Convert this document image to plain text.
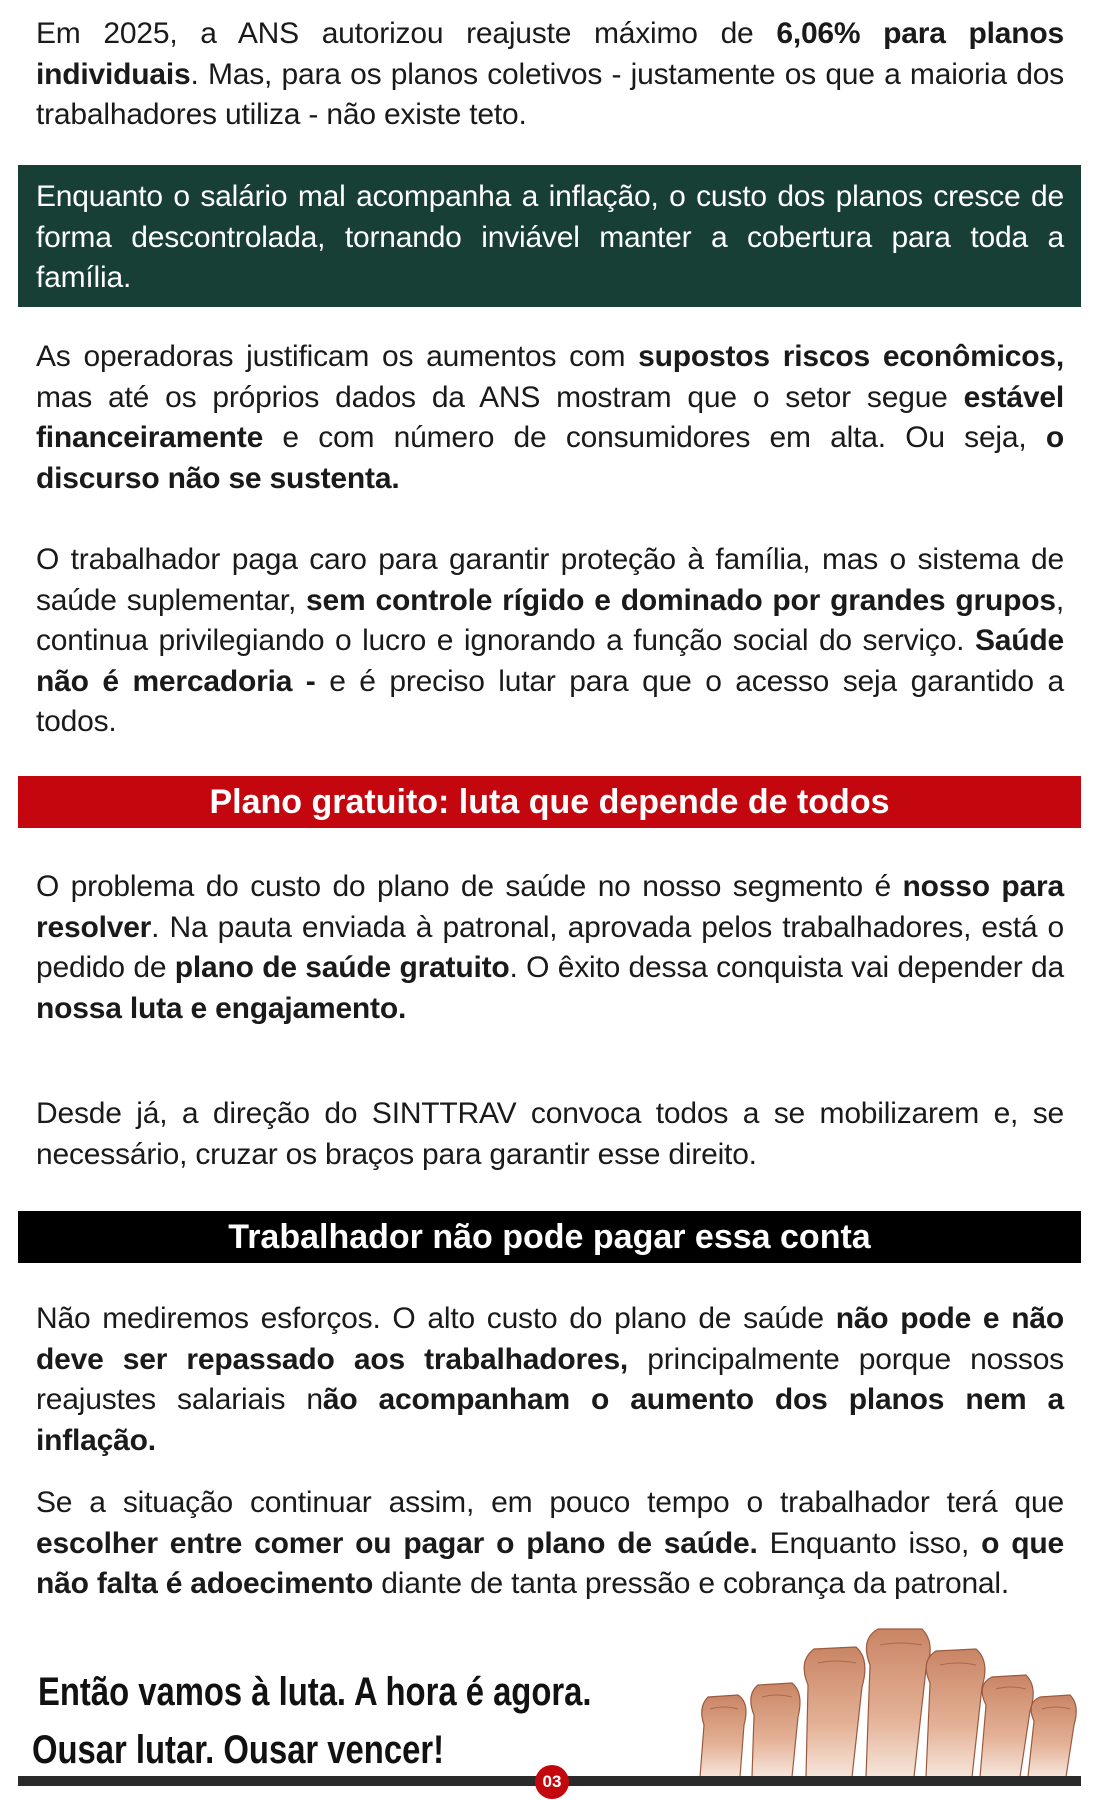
Em 2025, a ANS autorizou reajuste máximo de 6,06% para planos individuais. Mas, para os planos coletivos - justamente os que a maioria dos trabalhadores utiliza - não existe teto.

Enquanto o salário mal acompanha a inflação, o custo dos planos cresce de forma descontrolada, tornando inviável manter a cobertura para toda a família.

As operadoras justificam os aumentos com supostos riscos econômicos, mas até os próprios dados da ANS mostram que o setor segue estável financeiramente e com número de consumidores em alta. Ou seja, o discurso não se sustenta.

O trabalhador paga caro para garantir proteção à família, mas o sistema de saúde suplementar, sem controle rígido e dominado por grandes grupos, continua privilegiando o lucro e ignorando a função social do serviço. Saúde não é mercadoria - e é preciso lutar para que o acesso seja garantido a todos.

Plano gratuito: luta que depende de todos

O problema do custo do plano de saúde no nosso segmento é nosso para resolver. Na pauta enviada à patronal, aprovada pelos trabalhadores, está o pedido de plano de saúde gratuito. O êxito dessa conquista vai depender da nossa luta e engajamento.

Desde já, a direção do SINTTRAV convoca todos a se mobilizarem e, se necessário, cruzar os braços para garantir esse direito.

Trabalhador não pode pagar essa conta

Não mediremos esforços. O alto custo do plano de saúde não pode e não deve ser repassado aos trabalhadores, principalmente porque nossos reajustes salariais não acompanham o aumento dos planos nem a inflação.

Se a situação continuar assim, em pouco tempo o trabalhador terá que escolher entre comer ou pagar o plano de saúde. Enquanto isso, o que não falta é adoecimento diante de tanta pressão e cobrança da patronal.

Então vamos à luta. A hora é agora.
Ousar lutar. Ousar vencer!
03
